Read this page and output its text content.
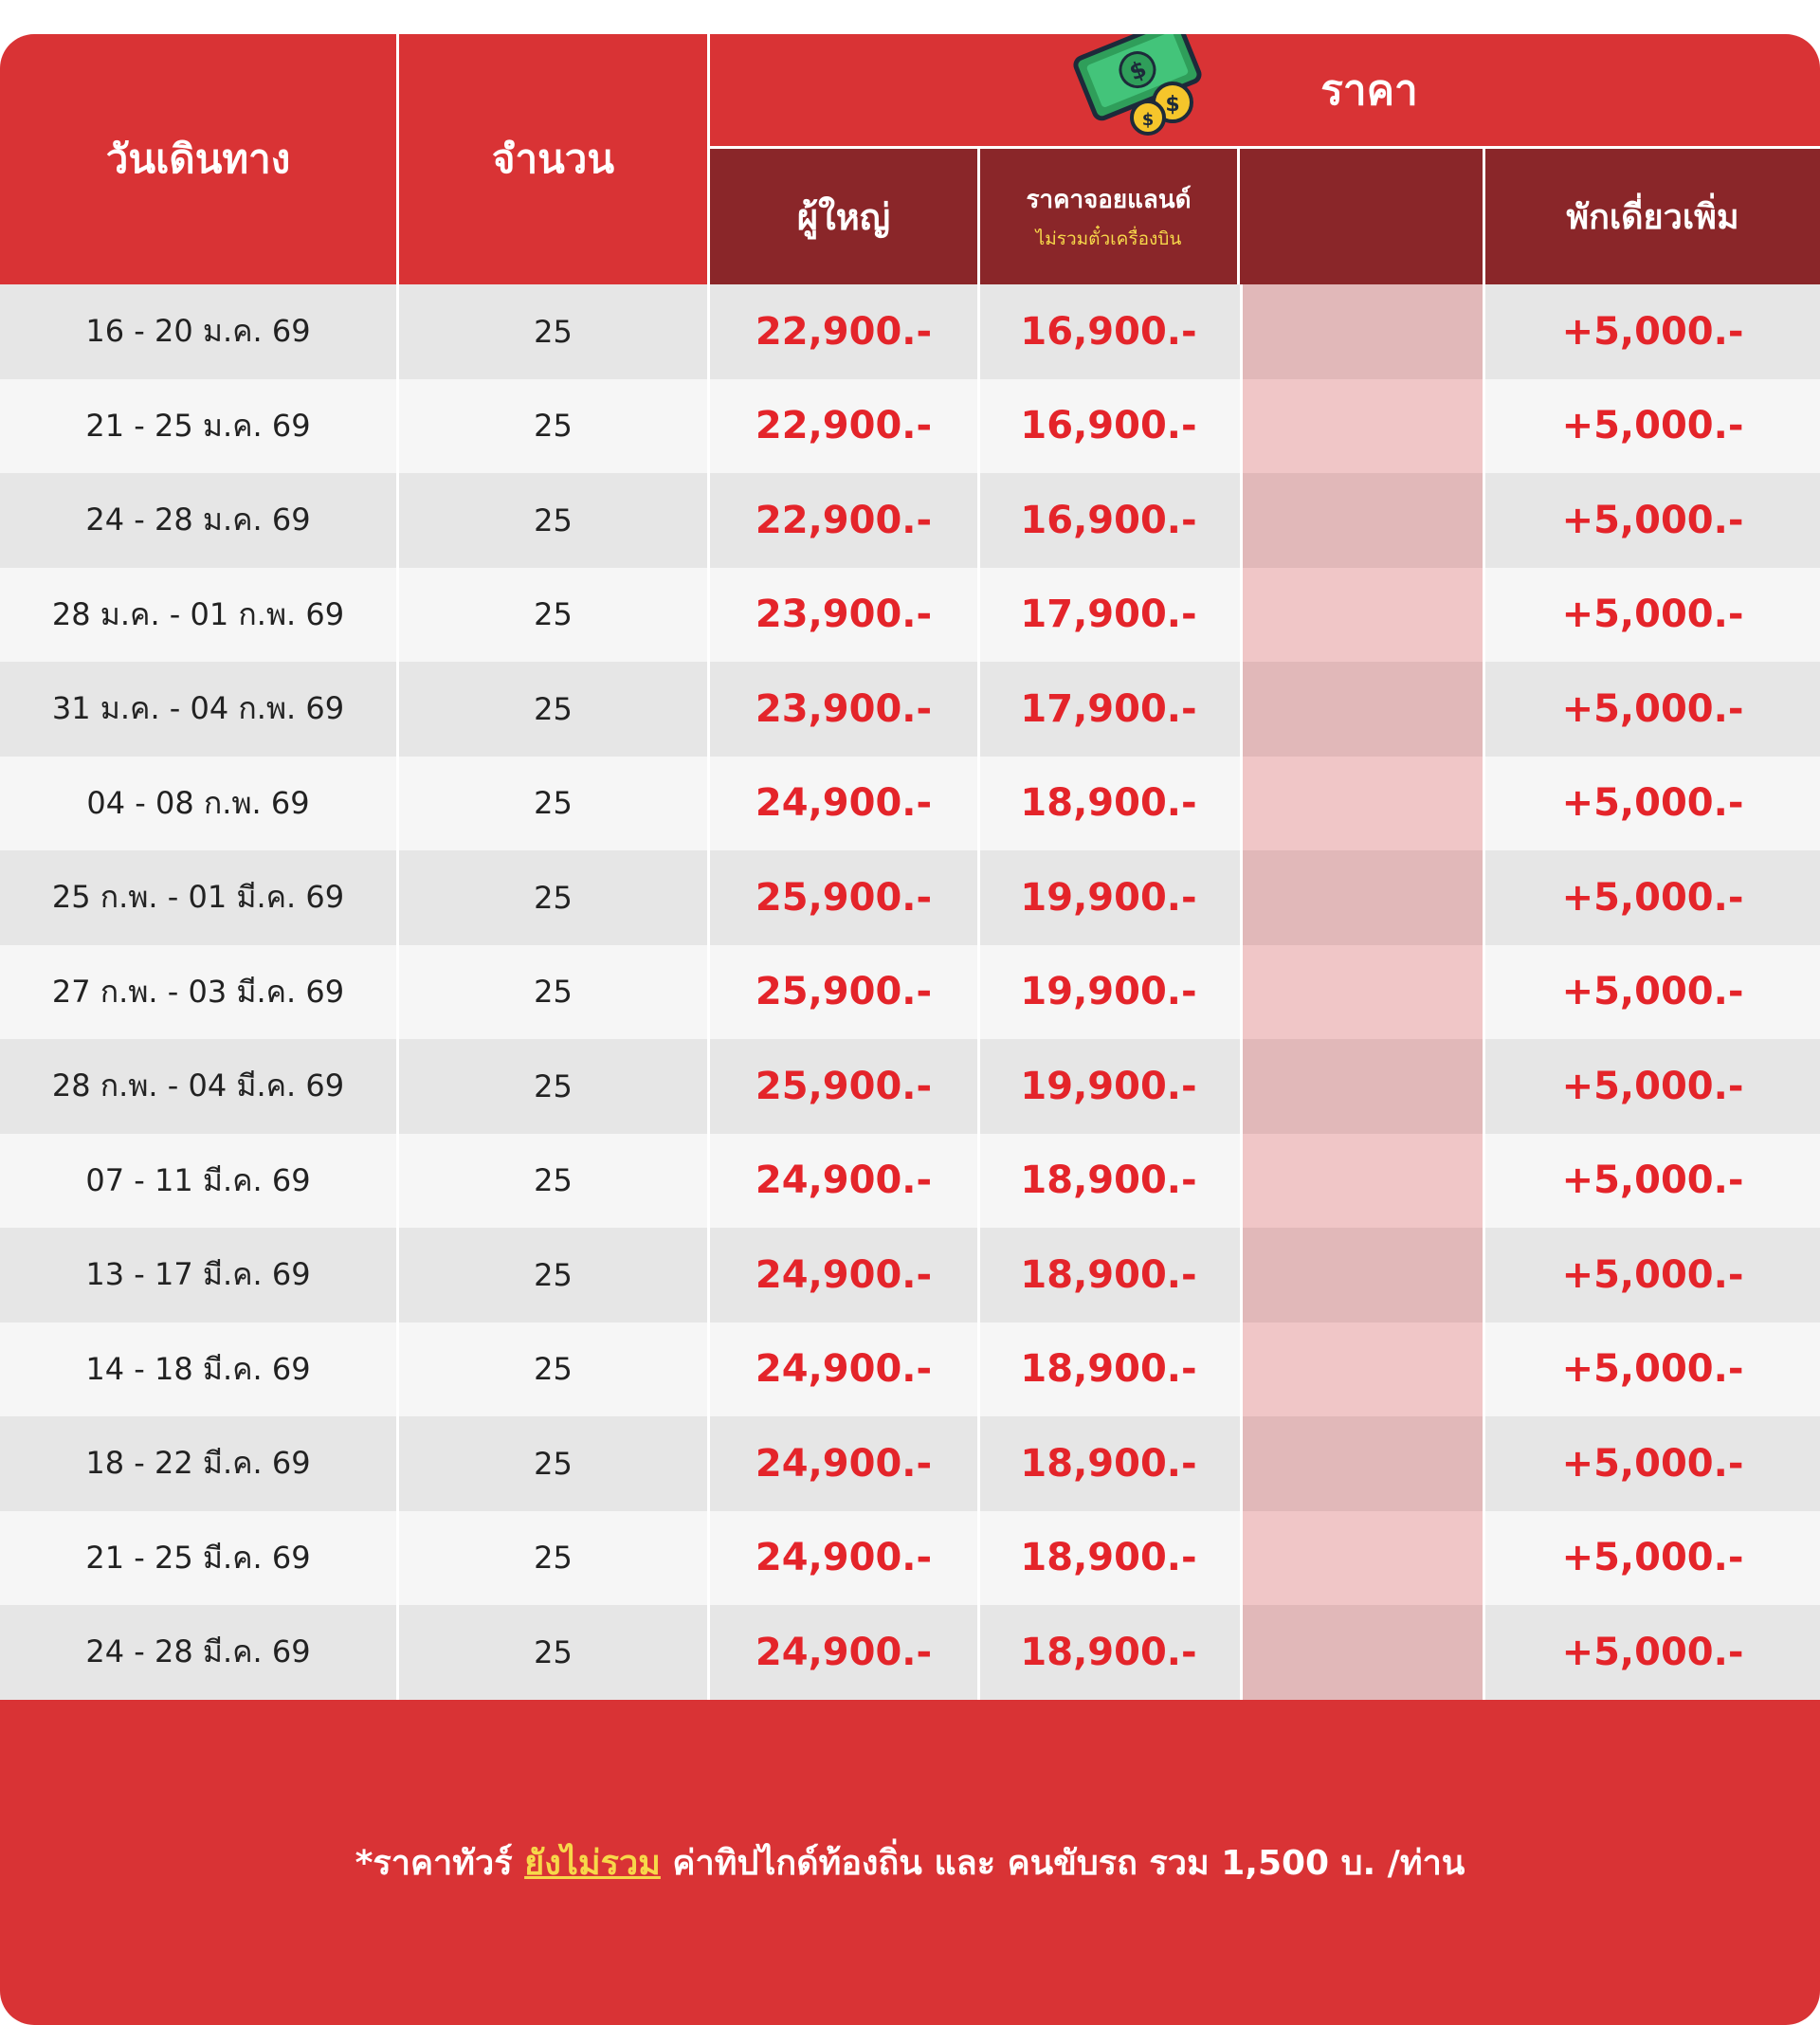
วันเดินทาง	จำนวน
ราคา
$
$
$
ผู้ใหญ่	ราคาจอยแลนด์
ไม่รวมตั๋วเครื่องบิน
พักเดี่ยวเพิ่ม
16 - 20 ม.ค. 69	25	22,900.-	16,900.-	+5,000.-
21 - 25 ม.ค. 69	25	22,900.-	16,900.-	+5,000.-
24 - 28 ม.ค. 69	25	22,900.-	16,900.-	+5,000.-
28 ม.ค. - 01 ก.พ. 69	25	23,900.-	17,900.-	+5,000.-
31 ม.ค. - 04 ก.พ. 69	25	23,900.-	17,900.-	+5,000.-
04 - 08 ก.พ. 69	25	24,900.-	18,900.-	+5,000.-
25 ก.พ. - 01 มี.ค. 69	25	25,900.-	19,900.-	+5,000.-
27 ก.พ. - 03 มี.ค. 69	25	25,900.-	19,900.-	+5,000.-
28 ก.พ. - 04 มี.ค. 69	25	25,900.-	19,900.-	+5,000.-
07 - 11 มี.ค. 69	25	24,900.-	18,900.-	+5,000.-
13 - 17 มี.ค. 69	25	24,900.-	18,900.-	+5,000.-
14 - 18 มี.ค. 69	25	24,900.-	18,900.-	+5,000.-
18 - 22 มี.ค. 69	25	24,900.-	18,900.-	+5,000.-
21 - 25 มี.ค. 69	25	24,900.-	18,900.-	+5,000.-
24 - 28 มี.ค. 69	25	24,900.-	18,900.-	+5,000.-
*ราคาทัวร์ ยังไม่รวม ค่าทิปไกด์ท้องถิ่น และ คนขับรถ รวม 1,500 บ. /ท่าน
